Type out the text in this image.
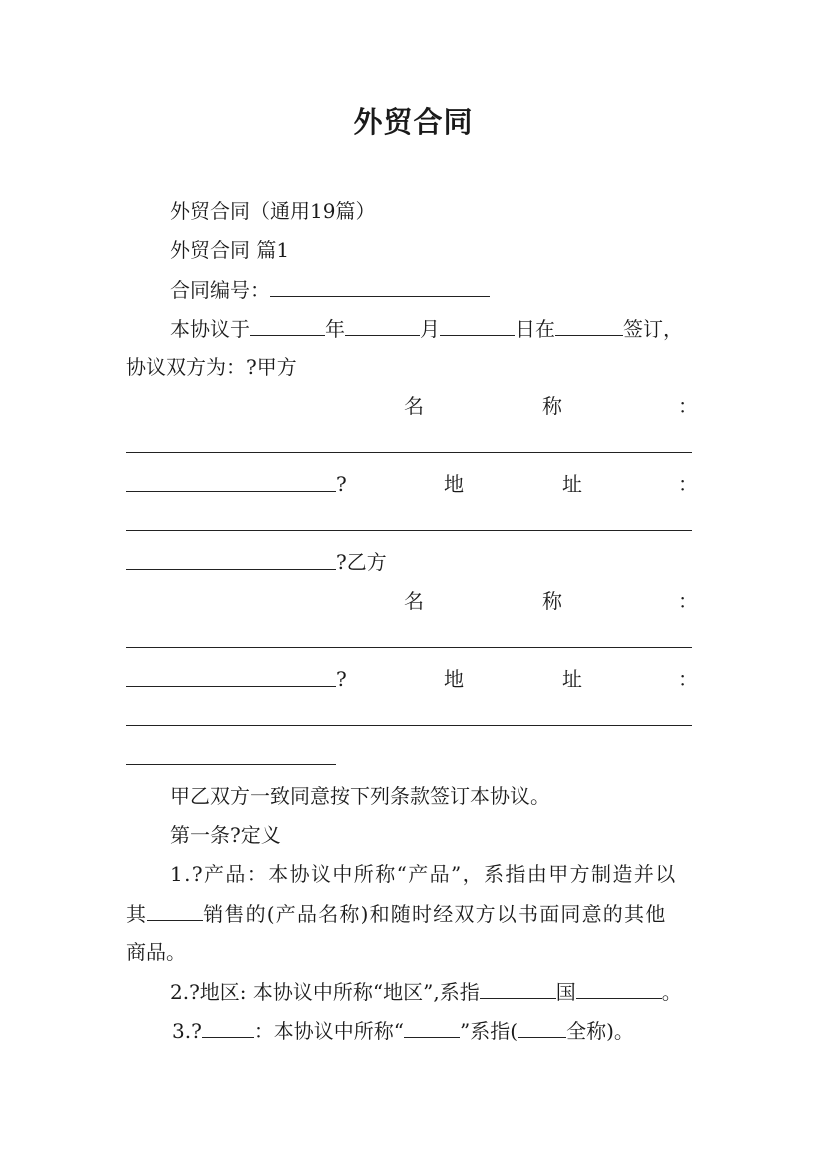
外贸合同
外贸合同（通用19篇）
外贸合同 篇1
合同编号：
本协议于	年	月	日在	签订，
协议双方为：?甲方
名	称	：
?	地	址	：
?乙方
名	称	：
?	地	址	：
甲乙双方一致同意按下列条款签订本协议。
第一条?定义
1.?产品：本协议中所称“产品”，系指由甲方制造并以
其	销售的(产品名称)和随时经双方以书面同意的其他
商品。
2.?地区: 本协议中所称“地区”,系指	国	。
3.?	：本协议中所称“	”系指( 全称)。
